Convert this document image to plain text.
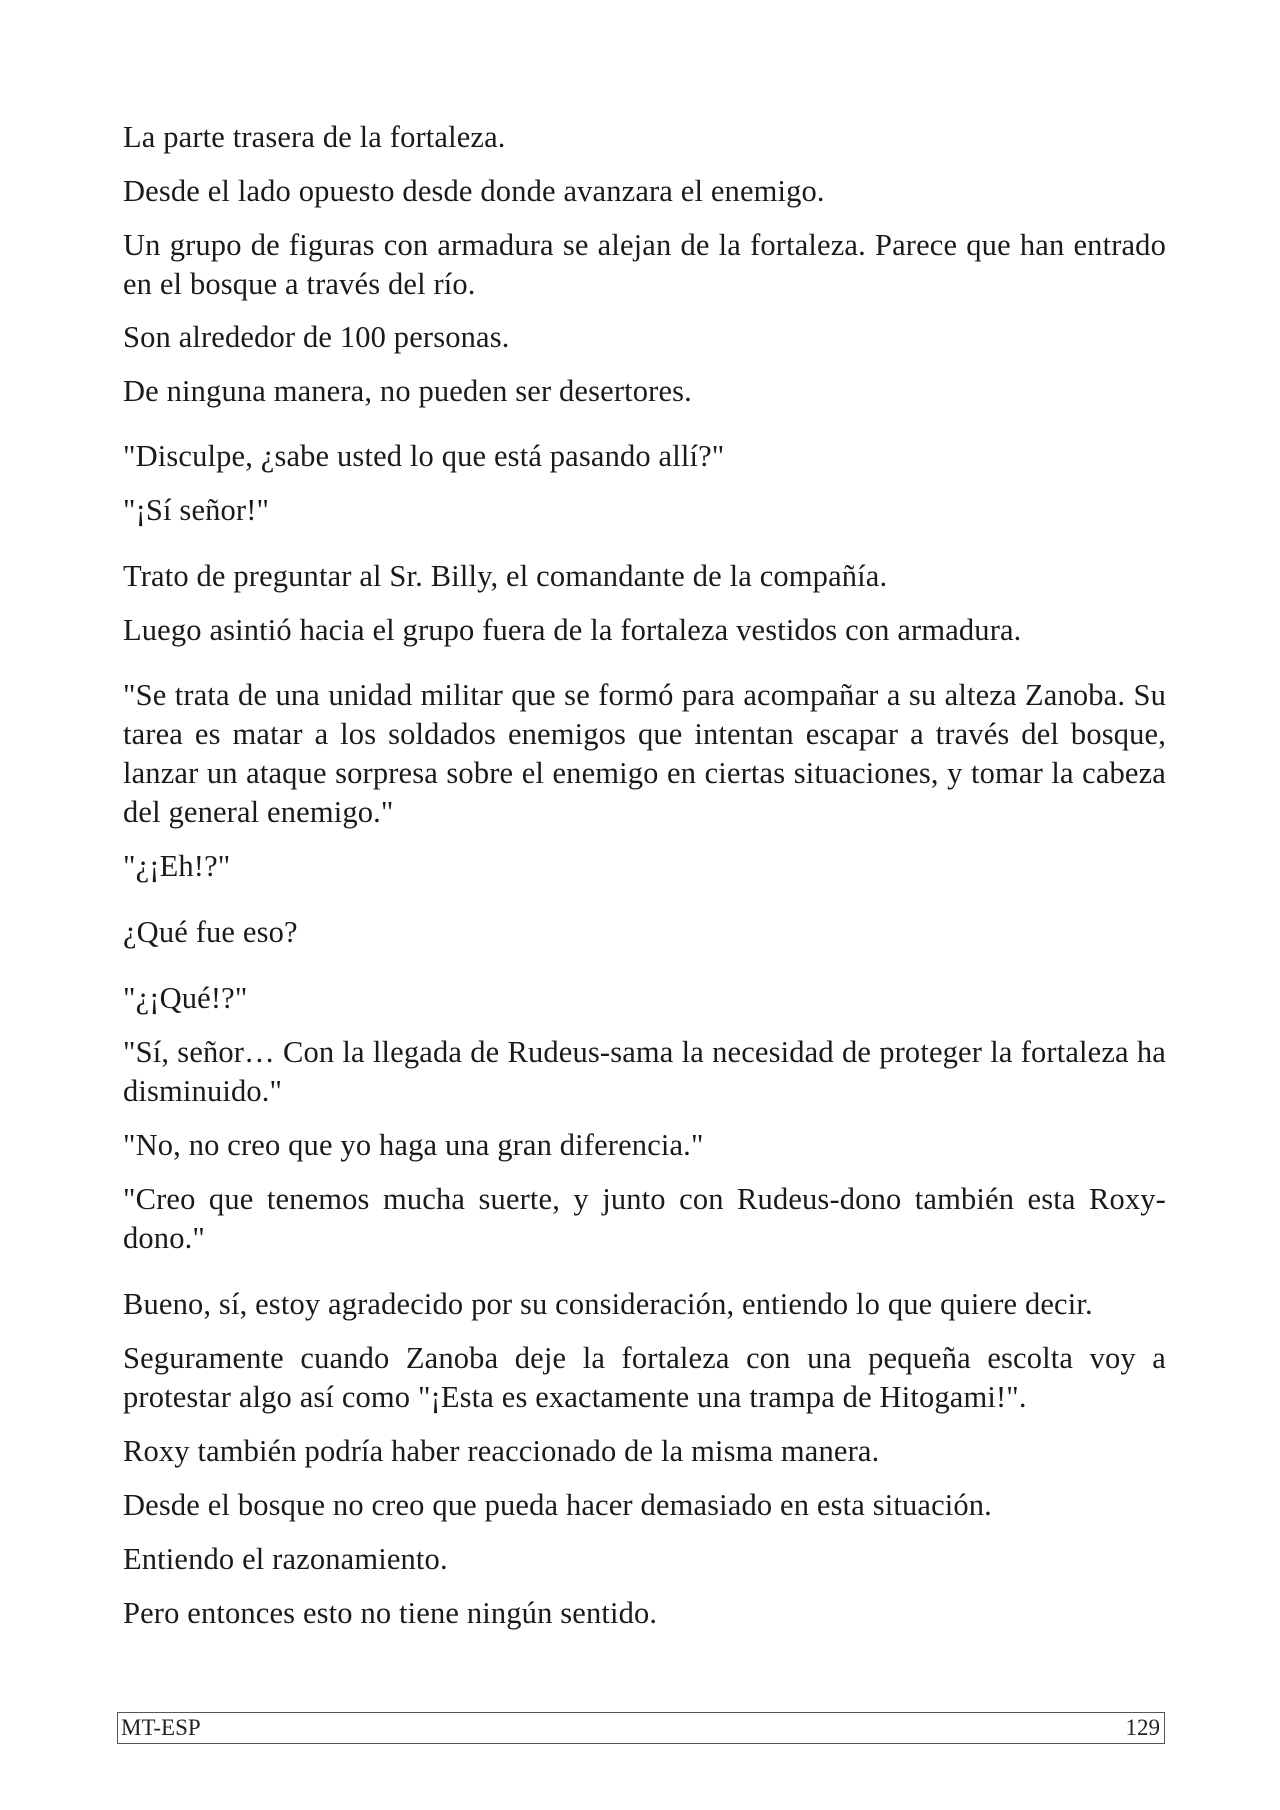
La parte trasera de la fortaleza.

Desde el lado opuesto desde donde avanzara el enemigo.

Un grupo de figuras con armadura se alejan de la fortaleza. Parece que han entrado en el bosque a través del río.

Son alrededor de 100 personas.

De ninguna manera, no pueden ser desertores.

"Disculpe, ¿sabe usted lo que está pasando allí?"

"¡Sí señor!"

Trato de preguntar al Sr. Billy, el comandante de la compañía.

Luego asintió hacia el grupo fuera de la fortaleza vestidos con armadura.

"Se trata de una unidad militar que se formó para acompañar a su alteza Zanoba. Su tarea es matar a los soldados enemigos que intentan escapar a través del bosque, lanzar un ataque sorpresa sobre el enemigo en ciertas situaciones, y tomar la cabeza del general enemigo."

"¿¡Eh!?"

¿Qué fue eso?

"¿¡Qué!?"

"Sí, señor… Con la llegada de Rudeus-sama la necesidad de proteger la fortaleza ha disminuido."

"No, no creo que yo haga una gran diferencia."

"Creo que tenemos mucha suerte, y junto con Rudeus-dono también esta Roxy-dono."

Bueno, sí, estoy agradecido por su consideración, entiendo lo que quiere decir.

Seguramente cuando Zanoba deje la fortaleza con una pequeña escolta voy a protestar algo así como "¡Esta es exactamente una trampa de Hitogami!".

Roxy también podría haber reaccionado de la misma manera.

Desde el bosque no creo que pueda hacer demasiado en esta situación.

Entiendo el razonamiento.

Pero entonces esto no tiene ningún sentido.

MT-ESP	129
